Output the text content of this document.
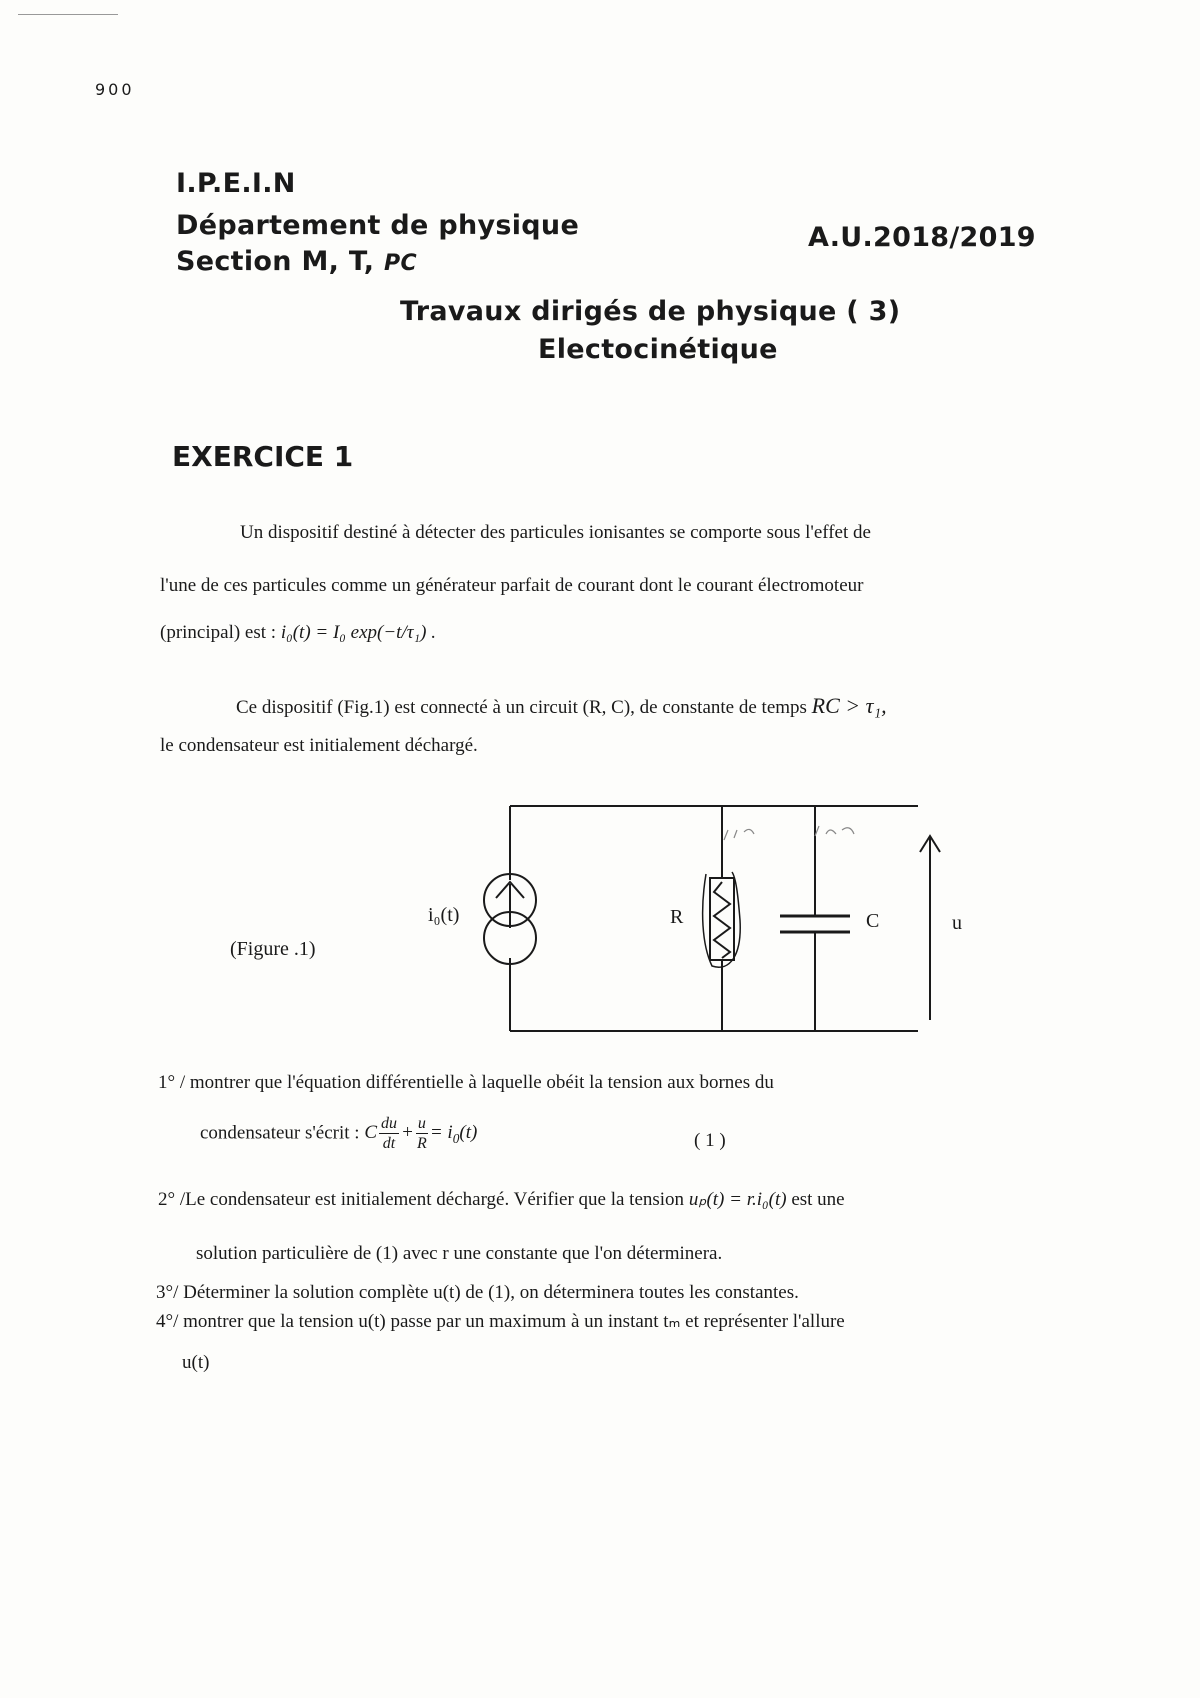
900
I.P.E.I.N
Département de physique
Section M, T, PC
A.U.2018/2019
Travaux dirigés de physique ( 3)
Electocinétique
EXERCICE 1
Un dispositif destiné à détecter des particules ionisantes se comporte sous l'effet de
l'une de ces particules comme un générateur parfait de courant dont le courant électromoteur
(principal) est : i₀(t) = I₀ exp(−t/τ₁) .
Ce dispositif (Fig.1) est connecté à un circuit (R, C), de constante de temps RC > τ₁,
le condensateur est initialement déchargé.
i₀(t)	R	C	u
(Figure .1)
1° / montrer que l'équation différentielle à laquelle obéit la tension aux bornes du
condensateur s'écrit : C $\frac{du}{dt} + \frac{u}{R} = i_0(t)$	( 1 )
2° /Le condensateur est initialement déchargé. Vérifier que la tension uₚ(t) = r.i₀(t) est une
solution particulière de (1) avec r une constante que l'on déterminera.
3°/ Déterminer la solution complète u(t) de (1), on déterminera toutes les constantes.
4°/ montrer que la tension u(t) passe par un maximum à un instant tₘ et représenter l'allure
u(t)
